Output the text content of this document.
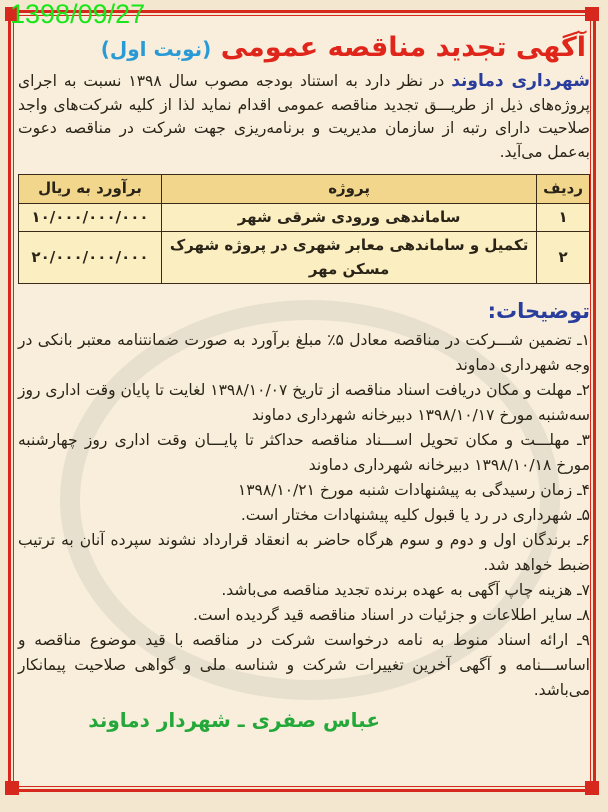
1398/09/27
آگهی تجدید مناقصه عمومی (نوبت اول)

شهرداری دماوند در نظر دارد به استناد بودجه مصوب سال ۱۳۹۸ نسبت به اجرای پروژه‌های ذیل از طریـــق تجدید مناقصه عمومی اقدام نماید لذا از کلیه شرکت‌های واجد صلاحیت دارای رتبه از سازمان مدیریت و برنامه‌ریزی جهت شرکت در مناقصه دعوت به‌عمل می‌آید.

ردیف	پروژه	برآورد به ریال
۱	ساماندهی ورودی شرقی شهر	۱۰/۰۰۰/۰۰۰/۰۰۰
۲	تکمیل و ساماندهی معابر شهری در پروژه شهرک مسکن مهر	۲۰/۰۰۰/۰۰۰/۰۰۰
توضیحات:

۱ـ تضمین شـــرکت در مناقصه معادل ۵٪ مبلغ برآورد به صورت ضمانتنامه معتبر بانکی در وجه شهرداری دماوند

۲ـ مهلت و مکان دریافت اسناد مناقصه از تاریخ ۱۳۹۸/۱۰/۰۷ لغایت تا پایان وقت اداری روز سه‌شنبه مورخ ۱۳۹۸/۱۰/۱۷ دبیرخانه شهرداری دماوند

۳ـ مهلـــت و مکان تحویل اســـناد مناقصه حداکثر تا پایـــان وقت اداری روز چهارشنبه مورخ ۱۳۹۸/۱۰/۱۸ دبیرخانه شهرداری دماوند

۴ـ زمان رسیدگی به پیشنهادات شنبه مورخ ۱۳۹۸/۱۰/۲۱

۵ـ شهرداری در رد یا قبول کلیه پیشنهادات مختار است.

۶ـ برندگان اول و دوم و سوم هرگاه حاضر به انعقاد قرارداد نشوند سپرده آنان به ترتیب ضبط خواهد شد.

۷ـ هزینه چاپ آگهی به عهده برنده تجدید مناقصه می‌باشد.

۸ـ سایر اطلاعات و جزئیات در اسناد مناقصه قید گردیده است.

۹ـ ارائه اسناد منوط به نامه درخواست شرکت در مناقصه با قید موضوع مناقصه و اساســـنامه و آگهی آخرین تغییرات شرکت و شناسه ملی و گواهی صلاحیت پیمانکار می‌باشد.

عباس صفری ـ شهردار دماوند
